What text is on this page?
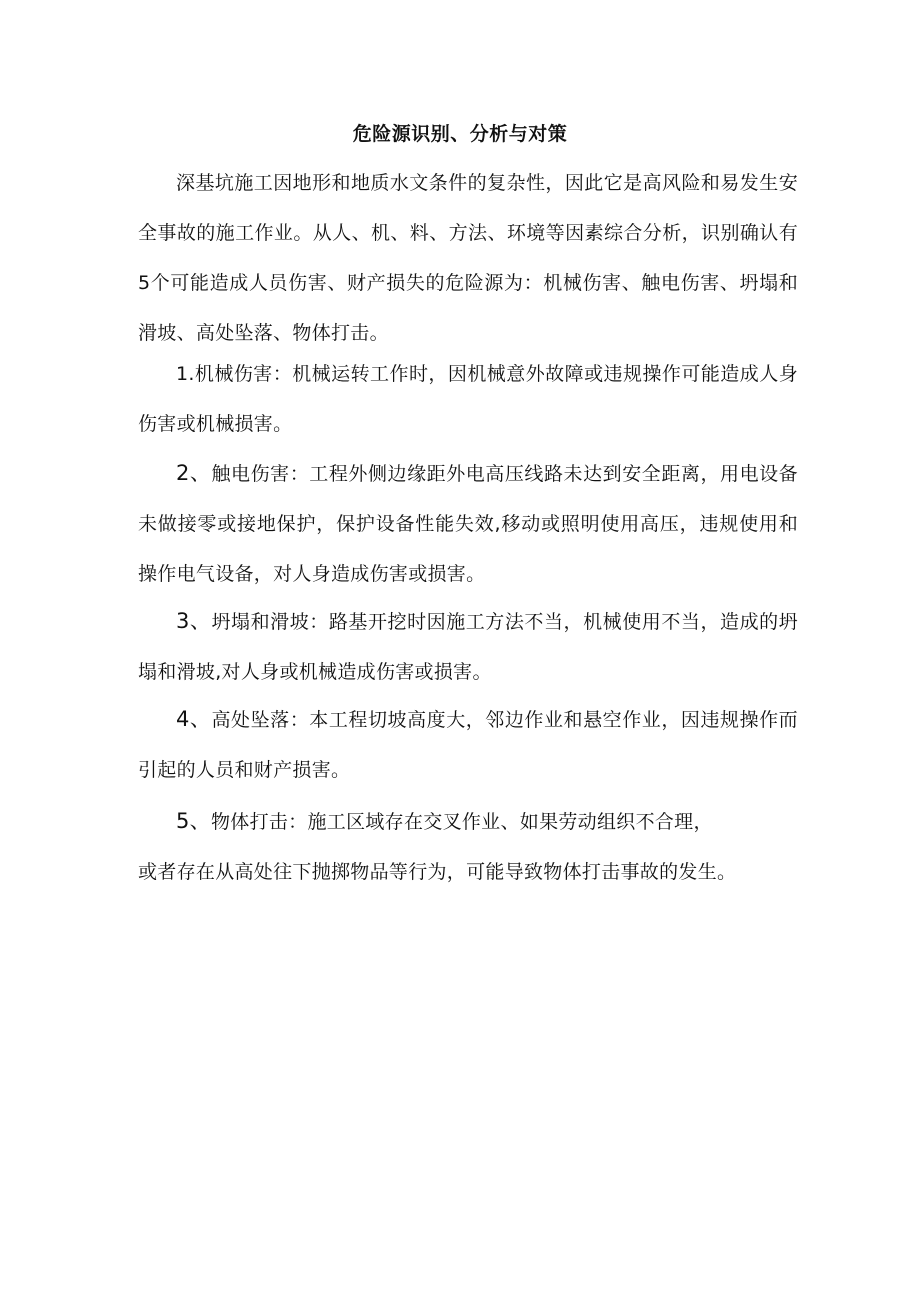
危险源识别、分析与对策
深基坑施工因地形和地质水文条件的复杂性，因此它是高风险和易发生安全事故的施工作业。从人、机、料、方法、环境等因素综合分析，识别确认有5个可能造成人员伤害、财产损失的危险源为：机械伤害、触电伤害、坍塌和滑坡、高处坠落、物体打击。
1.机械伤害：机械运转工作时，因机械意外故障或违规操作可能造成人身伤害或机械损害。
2、触电伤害：工程外侧边缘距外电高压线路未达到安全距离，用电设备未做接零或接地保护，保护设备性能失效,移动或照明使用高压，违规使用和操作电气设备，对人身造成伤害或损害。
3、坍塌和滑坡：路基开挖时因施工方法不当，机械使用不当，造成的坍塌和滑坡,对人身或机械造成伤害或损害。
4、高处坠落：本工程切坡高度大，邻边作业和悬空作业，因违规操作而引起的人员和财产损害。
5、物体打击：施工区域存在交叉作业、如果劳动组织不合理，
或者存在从高处往下抛掷物品等行为，可能导致物体打击事故的发生。
